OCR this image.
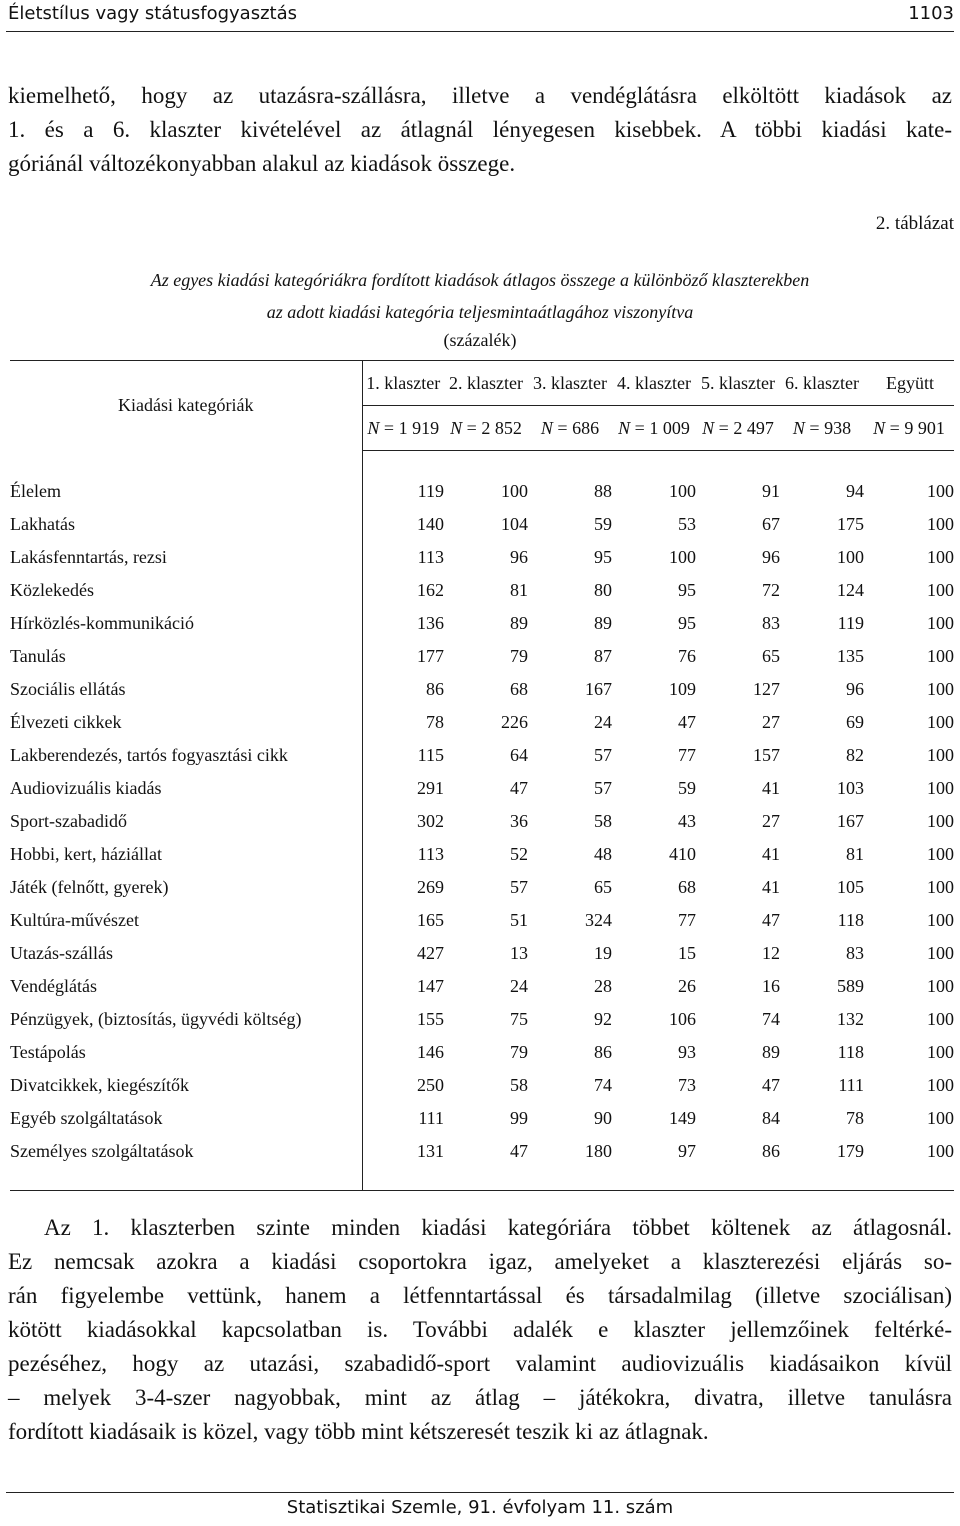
Életstílus vagy státusfogyasztás	1103

kiemelhető, hogy az utazásra-szállásra, illetve a vendéglátásra elköltött kiadások az
1. és a 6. klaszter kivételével az átlagnál lényegesen kisebbek. A többi kiadási kate-
góriánál változékonyabban alakul az kiadások összege.

2. táblázat
Az egyes kiadási kategóriákra fordított kiadások átlagos összege a különböző klaszterekben
az adott kiadási kategória teljesmintaátlagához viszonyítva
(százalék)
Kiadási kategóriák	1. klaszter	2. klaszter	3. klaszter	4. klaszter	5. klaszter	6. klaszter	Együtt
	N = 1 919	N = 2 852	N = 686	N = 1 009	N = 2 497	N = 938	N = 9 901

Élelem	119	100	88	100	91	94	100
Lakhatás	140	104	59	53	67	175	100
Lakásfenntartás, rezsi	113	96	95	100	96	100	100
Közlekedés	162	81	80	95	72	124	100
Hírközlés-kommunikáció	136	89	89	95	83	119	100
Tanulás	177	79	87	76	65	135	100
Szociális ellátás	86	68	167	109	127	96	100
Élvezeti cikkek	78	226	24	47	27	69	100
Lakberendezés, tartós fogyasztási cikk	115	64	57	77	157	82	100
Audiovizuális kiadás	291	47	57	59	41	103	100
Sport-szabadidő	302	36	58	43	27	167	100
Hobbi, kert, háziállat	113	52	48	410	41	81	100
Játék (felnőtt, gyerek)	269	57	65	68	41	105	100
Kultúra-művészet	165	51	324	77	47	118	100
Utazás-szállás	427	13	19	15	12	83	100
Vendéglátás	147	24	28	26	16	589	100
Pénzügyek, (biztosítás, ügyvédi költség)	155	75	92	106	74	132	100
Testápolás	146	79	86	93	89	118	100
Divatcikkek, kiegészítők	250	58	74	73	47	111	100
Egyéb szolgáltatások	111	99	90	149	84	78	100
Személyes szolgáltatások	131	47	180	97	86	179	100

Az 1. klaszterben szinte minden kiadási kategóriára többet költenek az átlagosnál.
Ez nemcsak azokra a kiadási csoportokra igaz, amelyeket a klaszterezési eljárás so-
rán figyelembe vettünk, hanem a létfenntartással és társadalmilag (illetve szociálisan)
kötött kiadásokkal kapcsolatban is. További adalék e klaszter jellemzőinek feltérké-
pezéséhez, hogy az utazási, szabadidő-sport valamint audiovizuális kiadásaikon kívül
– melyek 3-4-szer nagyobbak, mint az átlag – játékokra, divatra, illetve tanulásra
fordított kiadásaik is közel, vagy több mint kétszeresét teszik ki az átlagnak.

Statisztikai Szemle, 91. évfolyam 11. szám
